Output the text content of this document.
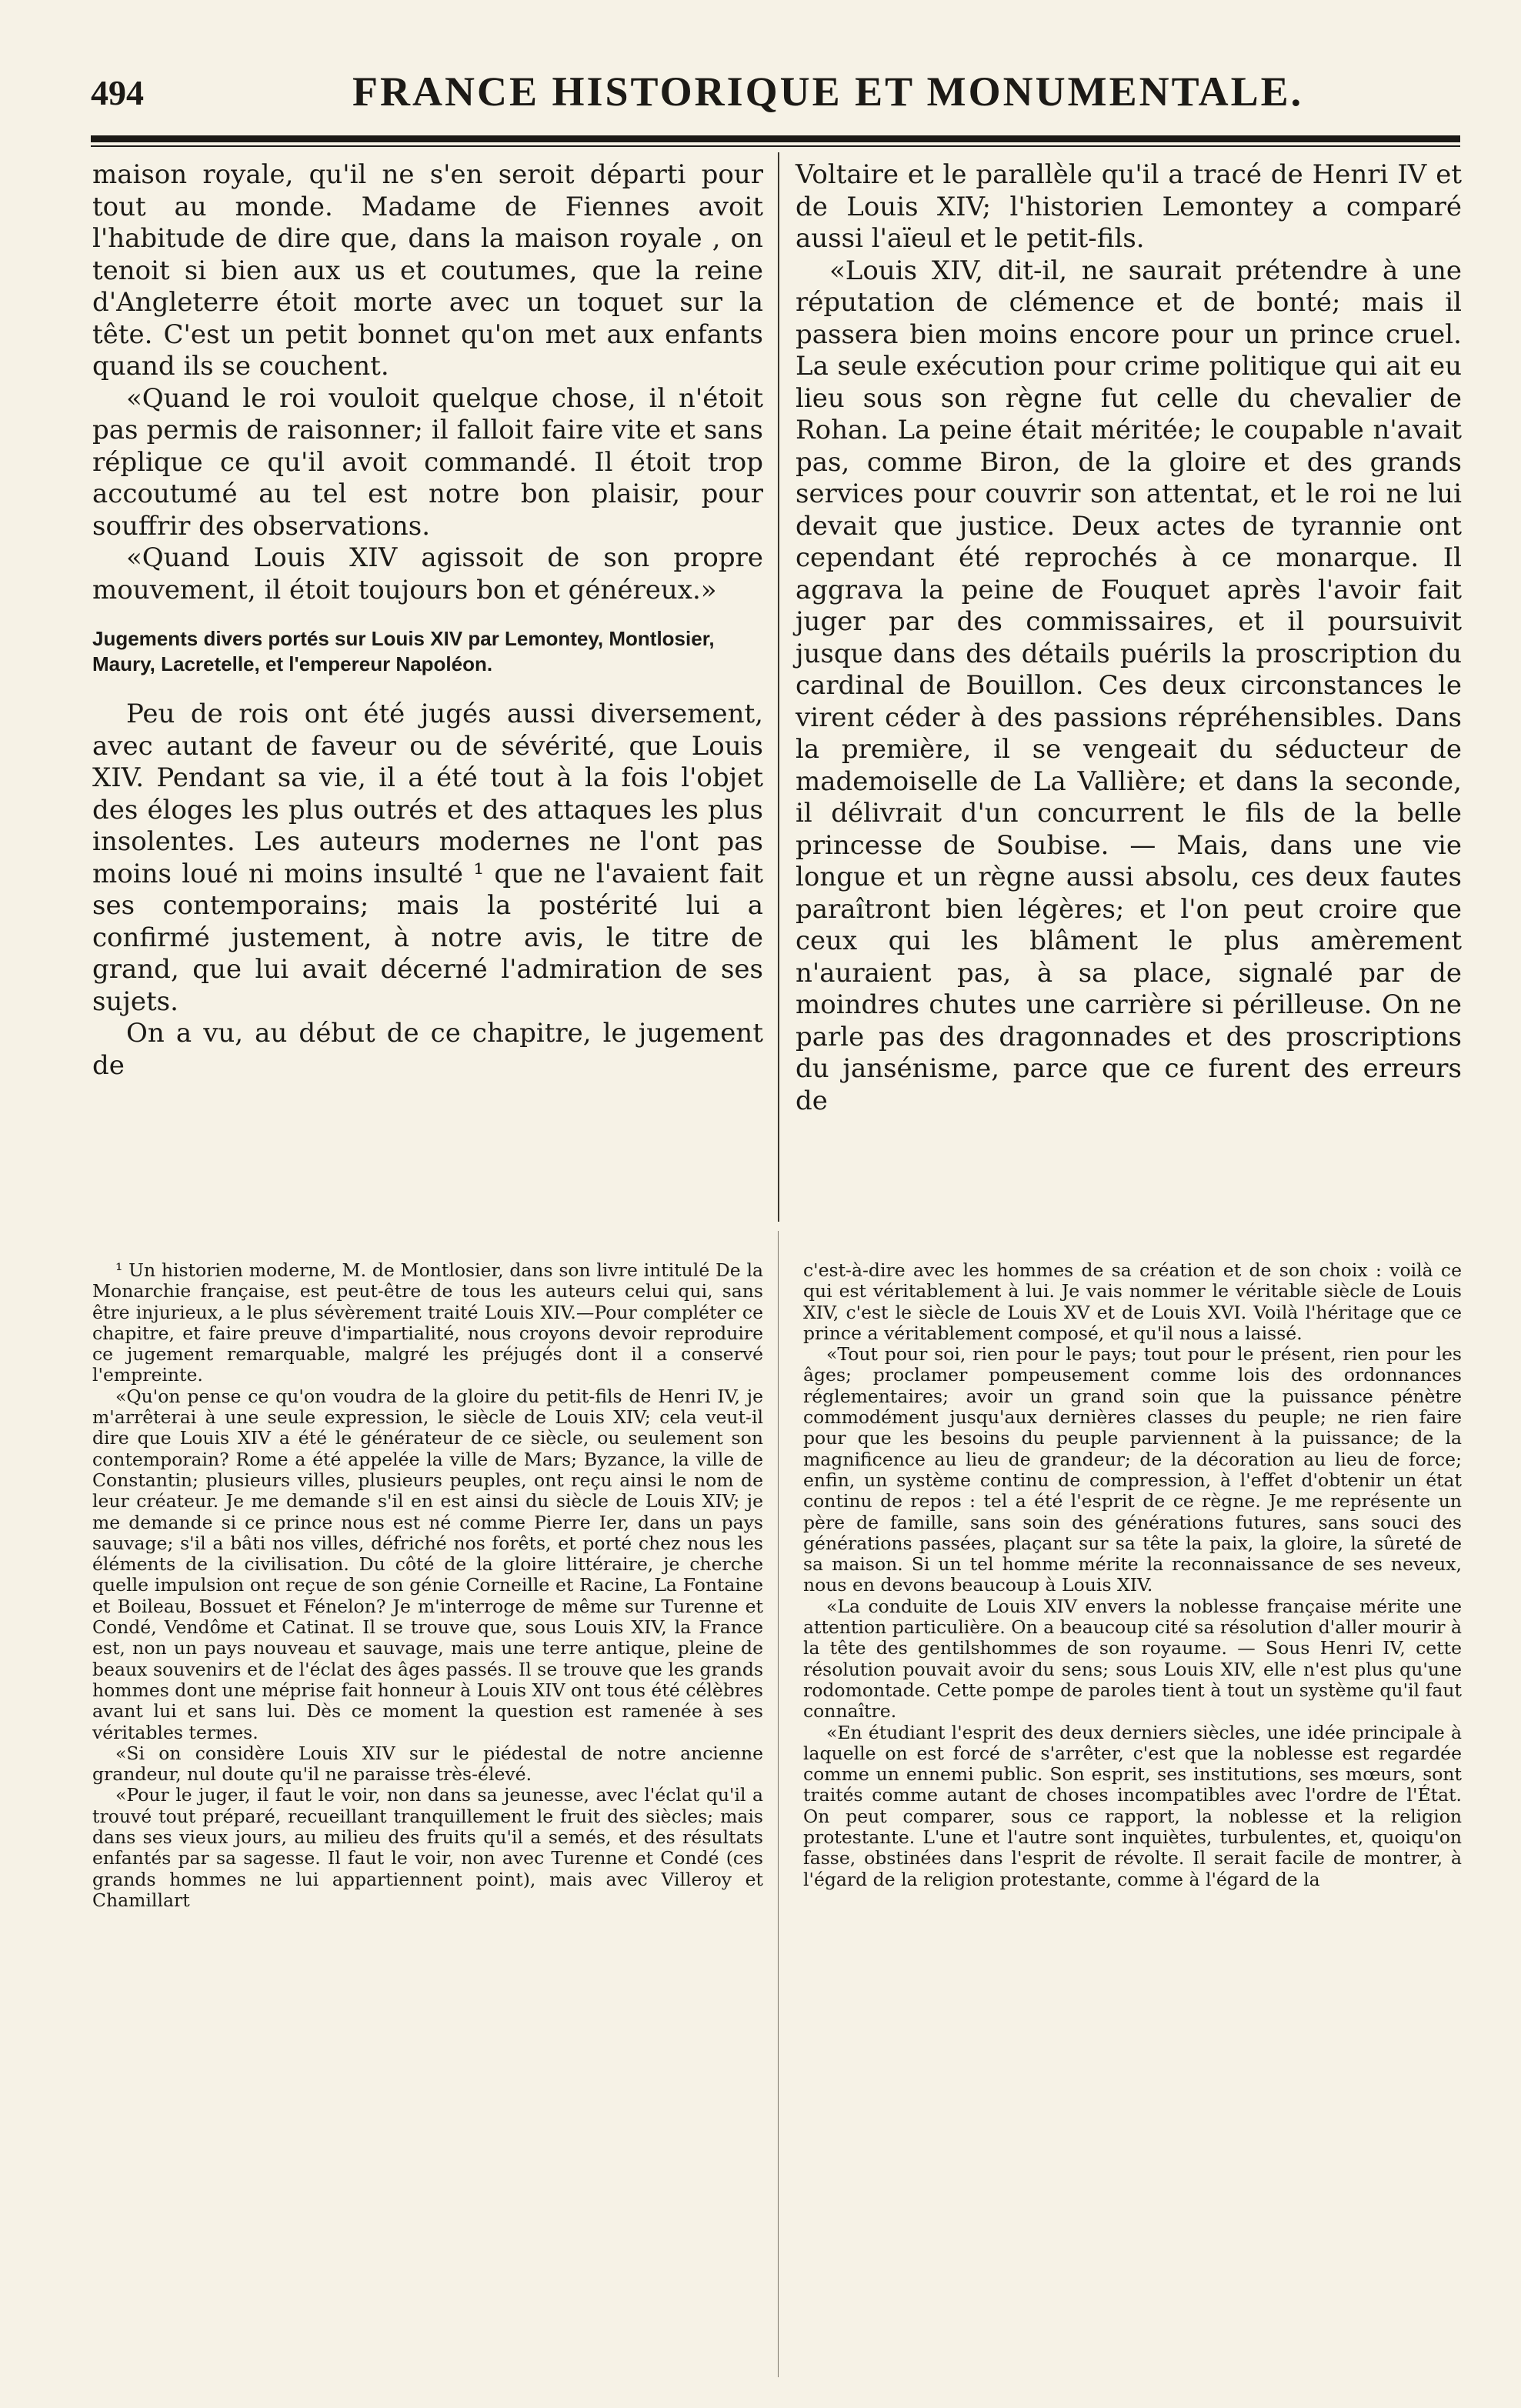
494	FRANCE HISTORIQUE ET MONUMENTALE.

maison royale, qu'il ne s'en seroit départi pour tout au monde. Madame de Fiennes avoit l'habitude de dire que, dans la maison royale , on tenoit si bien aux us et coutumes, que la reine d'Angleterre étoit morte avec un toquet sur la tête. C'est un petit bonnet qu'on met aux enfants quand ils se couchent.

«Quand le roi vouloit quelque chose, il n'étoit pas permis de raisonner; il falloit faire vite et sans réplique ce qu'il avoit commandé. Il étoit trop accoutumé au tel est notre bon plaisir, pour souffrir des observations.

«Quand Louis XIV agissoit de son propre mouvement, il étoit toujours bon et généreux.»

Jugements divers portés sur Louis XIV par Lemontey, Montlosier, Maury, Lacretelle, et l'empereur Napoléon.

Peu de rois ont été jugés aussi diversement, avec autant de faveur ou de sévérité, que Louis XIV. Pendant sa vie, il a été tout à la fois l'objet des éloges les plus outrés et des attaques les plus insolentes. Les auteurs modernes ne l'ont pas moins loué ni moins insulté ¹ que ne l'avaient fait ses contemporains; mais la postérité lui a confirmé justement, à notre avis, le titre de grand, que lui avait décerné l'admiration de ses sujets.

On a vu, au début de ce chapitre, le jugement de

Voltaire et le parallèle qu'il a tracé de Henri IV et de Louis XIV; l'historien Lemontey a comparé aussi l'aïeul et le petit-fils.

«Louis XIV, dit-il, ne saurait prétendre à une réputation de clémence et de bonté; mais il passera bien moins encore pour un prince cruel. La seule exécution pour crime politique qui ait eu lieu sous son règne fut celle du chevalier de Rohan. La peine était méritée; le coupable n'avait pas, comme Biron, de la gloire et des grands services pour couvrir son attentat, et le roi ne lui devait que justice. Deux actes de tyrannie ont cependant été reprochés à ce monarque. Il aggrava la peine de Fouquet après l'avoir fait juger par des commissaires, et il poursuivit jusque dans des détails puérils la proscription du cardinal de Bouillon. Ces deux circonstances le virent céder à des passions répréhensibles. Dans la première, il se vengeait du séducteur de mademoiselle de La Vallière; et dans la seconde, il délivrait d'un concurrent le fils de la belle princesse de Soubise. — Mais, dans une vie longue et un règne aussi absolu, ces deux fautes paraîtront bien légères; et l'on peut croire que ceux qui les blâment le plus amèrement n'auraient pas, à sa place, signalé par de moindres chutes une carrière si périlleuse. On ne parle pas des dragonnades et des proscriptions du jansénisme, parce que ce furent des erreurs de

¹ Un historien moderne, M. de Montlosier, dans son livre intitulé De la Monarchie française, est peut-être de tous les auteurs celui qui, sans être injurieux, a le plus sévèrement traité Louis XIV.—Pour compléter ce chapitre, et faire preuve d'impartialité, nous croyons devoir reproduire ce jugement remarquable, malgré les préjugés dont il a conservé l'empreinte.

«Qu'on pense ce qu'on voudra de la gloire du petit-fils de Henri IV, je m'arrêterai à une seule expression, le siècle de Louis XIV; cela veut-il dire que Louis XIV a été le générateur de ce siècle, ou seulement son contemporain? Rome a été appelée la ville de Mars; Byzance, la ville de Constantin; plusieurs villes, plusieurs peuples, ont reçu ainsi le nom de leur créateur. Je me demande s'il en est ainsi du siècle de Louis XIV; je me demande si ce prince nous est né comme Pierre Ier, dans un pays sauvage; s'il a bâti nos villes, défriché nos forêts, et porté chez nous les éléments de la civilisation. Du côté de la gloire littéraire, je cherche quelle impulsion ont reçue de son génie Corneille et Racine, La Fontaine et Boileau, Bossuet et Fénelon? Je m'interroge de même sur Turenne et Condé, Vendôme et Catinat. Il se trouve que, sous Louis XIV, la France est, non un pays nouveau et sauvage, mais une terre antique, pleine de beaux souvenirs et de l'éclat des âges passés. Il se trouve que les grands hommes dont une méprise fait honneur à Louis XIV ont tous été célèbres avant lui et sans lui. Dès ce moment la question est ramenée à ses véritables termes.

«Si on considère Louis XIV sur le piédestal de notre ancienne grandeur, nul doute qu'il ne paraisse très-élevé.

«Pour le juger, il faut le voir, non dans sa jeunesse, avec l'éclat qu'il a trouvé tout préparé, recueillant tranquillement le fruit des siècles; mais dans ses vieux jours, au milieu des fruits qu'il a semés, et des résultats enfantés par sa sagesse. Il faut le voir, non avec Turenne et Condé (ces grands hommes ne lui appartiennent point), mais avec Villeroy et Chamillart

c'est-à-dire avec les hommes de sa création et de son choix : voilà ce qui est véritablement à lui. Je vais nommer le véritable siècle de Louis XIV, c'est le siècle de Louis XV et de Louis XVI. Voilà l'héritage que ce prince a véritablement composé, et qu'il nous a laissé.

«Tout pour soi, rien pour le pays; tout pour le présent, rien pour les âges; proclamer pompeusement comme lois des ordonnances réglementaires; avoir un grand soin que la puissance pénètre commodément jusqu'aux dernières classes du peuple; ne rien faire pour que les besoins du peuple parviennent à la puissance; de la magnificence au lieu de grandeur; de la décoration au lieu de force; enfin, un système continu de compression, à l'effet d'obtenir un état continu de repos : tel a été l'esprit de ce règne. Je me représente un père de famille, sans soin des générations futures, sans souci des générations passées, plaçant sur sa tête la paix, la gloire, la sûreté de sa maison. Si un tel homme mérite la reconnaissance de ses neveux, nous en devons beaucoup à Louis XIV.

«La conduite de Louis XIV envers la noblesse française mérite une attention particulière. On a beaucoup cité sa résolution d'aller mourir à la tête des gentilshommes de son royaume. — Sous Henri IV, cette résolution pouvait avoir du sens; sous Louis XIV, elle n'est plus qu'une rodomontade. Cette pompe de paroles tient à tout un système qu'il faut connaître.

«En étudiant l'esprit des deux derniers siècles, une idée principale à laquelle on est forcé de s'arrêter, c'est que la noblesse est regardée comme un ennemi public. Son esprit, ses institutions, ses mœurs, sont traités comme autant de choses incompatibles avec l'ordre de l'État. On peut comparer, sous ce rapport, la noblesse et la religion protestante. L'une et l'autre sont inquiètes, turbulentes, et, quoiqu'on fasse, obstinées dans l'esprit de révolte. Il serait facile de montrer, à l'égard de la religion protestante, comme à l'égard de la
